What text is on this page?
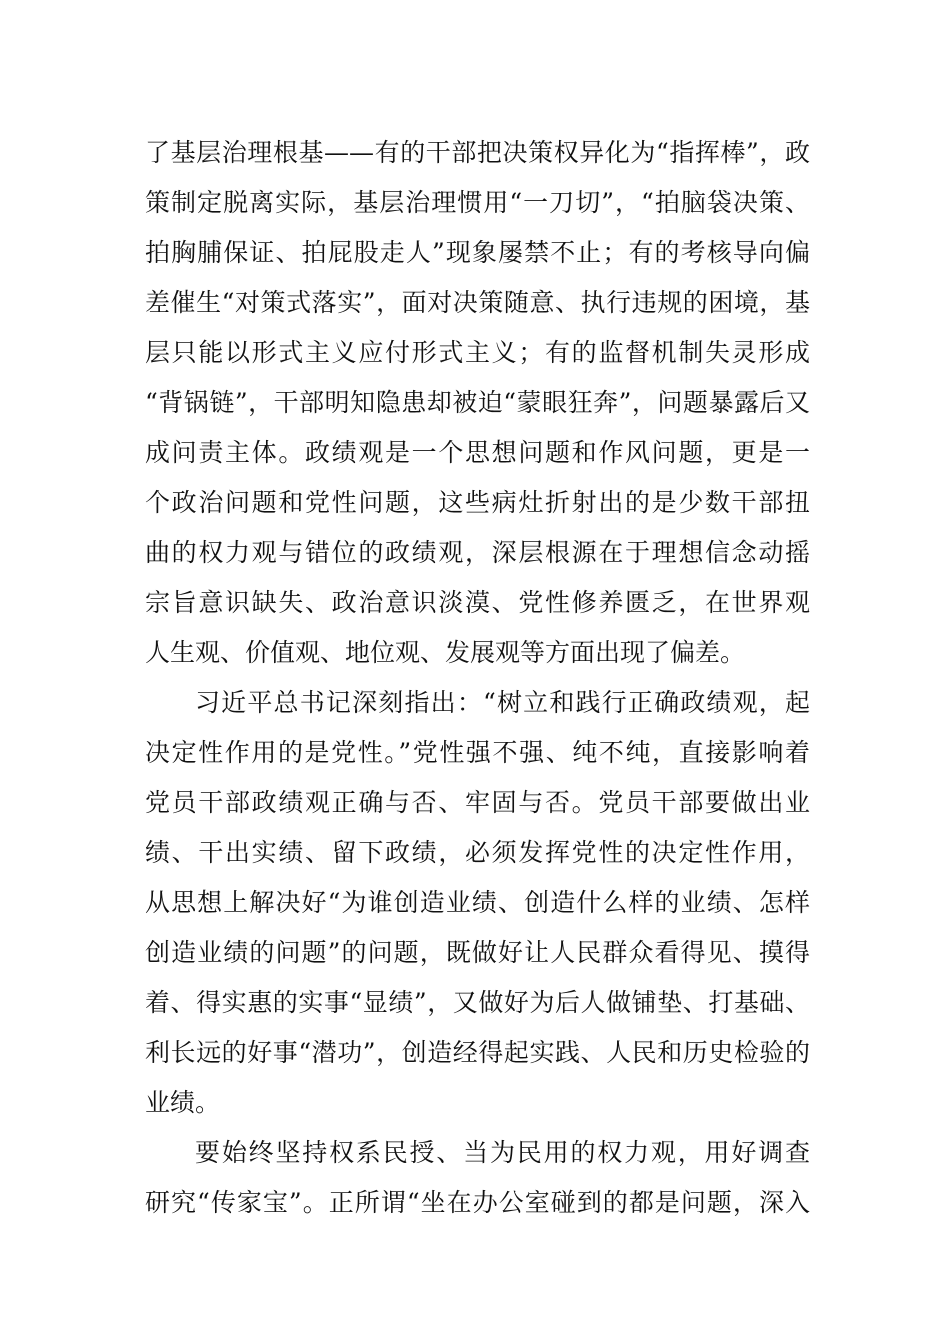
了基层治理根基——有的干部把决策权异化为“指挥棒”，政
策制定脱离实际，基层治理惯用“一刀切”，“拍脑袋决策、
拍胸脯保证、拍屁股走人”现象屡禁不止；有的考核导向偏
差催生“对策式落实”，面对决策随意、执行违规的困境，基
层只能以形式主义应付形式主义；有的监督机制失灵形成
“背锅链”，干部明知隐患却被迫“蒙眼狂奔”，问题暴露后又
成问责主体。政绩观是一个思想问题和作风问题，更是一
个政治问题和党性问题，这些病灶折射出的是少数干部扭
曲的权力观与错位的政绩观，深层根源在于理想信念动摇
宗旨意识缺失、政治意识淡漠、党性修养匮乏，在世界观
人生观、价值观、地位观、发展观等方面出现了偏差。

习近平总书记深刻指出：“树立和践行正确政绩观，起
决定性作用的是党性。”党性强不强、纯不纯，直接影响着
党员干部政绩观正确与否、牢固与否。党员干部要做出业
绩、干出实绩、留下政绩，必须发挥党性的决定性作用，
从思想上解决好“为谁创造业绩、创造什么样的业绩、怎样
创造业绩的问题”的问题，既做好让人民群众看得见、摸得
着、得实惠的实事“显绩”，又做好为后人做铺垫、打基础、
利长远的好事“潜功”，创造经得起实践、人民和历史检验的
业绩。

要始终坚持权系民授、当为民用的权力观，用好调查
研究“传家宝”。正所谓“坐在办公室碰到的都是问题，深入
